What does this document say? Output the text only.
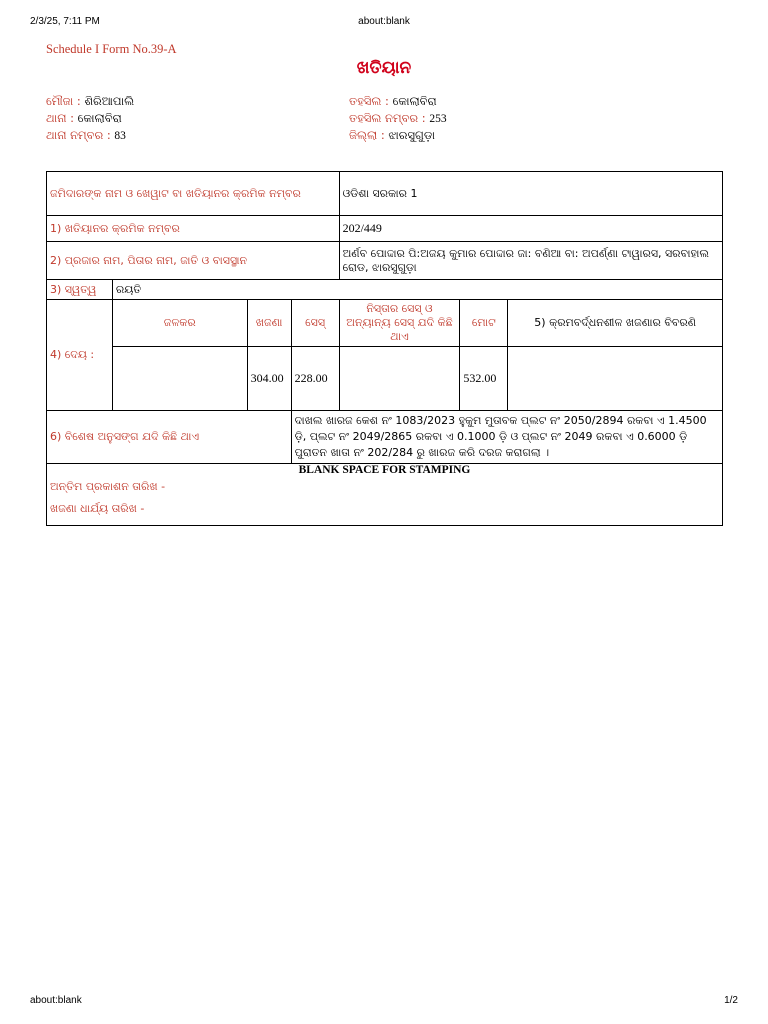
2/3/25, 7:11 PM	about:blank
Schedule I Form No.39-A
ଖତିୟାନ
ମୌଜା : ଶିରିଆପାଲି
ଥାନା : କୋଲାବିରା
ଥାନା ନମ୍ବର : 83
ତହସିଲ : କୋଲାବିରା
ତହସିଲ ନମ୍ବର : 253
ଜିଲ୍ଲା : ଝାରସୁଗୁଡ଼ା
ଜମିଦାରଙ୍କ ନାମ ଓ ଖେୱାଟ ବା ଖତିୟାନର କ୍ରମିକ ନମ୍ବର				ଓଡିଶା ସରକାର 1		
1) ଖତିୟାନର କ୍ରମିକ ନମ୍ବର				202/449		
2) ପ୍ରଜାର ନାମ, ପିତାର ନାମ, ଜାତି ଓ ବାସସ୍ଥାନ				ଅର୍ଣବ ପୋଦ୍ଦାର ପି:ଅଜୟ କୁମାର ପୋଦ୍ଦାର ଜା: ବଣିଆ ବା: ଅପର୍ଣ୍ଣା ଟାୱାରସ, ସରବାହାଲ ରୋଡ, ଝାରସୁଗୁଡ଼ା		
3) ସ୍ୱତ୍ୱ	ରୟତି					
4) ଦେୟ :	ଜଳକର	ଖଜଣା	ସେସ୍	ନିସ୍ତାର ସେସ୍ ଓ ଅନ୍ୟାନ୍ୟ ସେସ୍ ଯଦି କିଛି ଥାଏ	ମୋଟ	5) କ୍ରମବର୍ଦ୍ଧନଶୀଳ ଖଜଣାର ବିବରଣି
		304.00	228.00		532.00	
6) ବିଶେଷ ଅନୁସଙ୍ଗ ଯଦି କିଛି ଥାଏ			ଦାଖଲ ଖାରଜ କେଶ ନଂ 1083/2023 ହୁକୁମ ମୁତାବକ ପ୍ଲଟ ନଂ 2050/2894 ରକବା ଏ 1.4500 ଡ଼ି, ପ୍ଲଟ ନଂ 2049/2865 ରକବା ଏ 0.1000 ଡ଼ି ଓ ପ୍ଲଟ ନଂ 2049 ରକବା ଏ 0.6000 ଡ଼ି ପୁରାତନ ଖାତା ନଂ 202/284 ରୁ ଖାରଜ କରି ଦରଜ କରାଗଲା ।			

BLANK SPACE FOR STAMPING
ଅନ୍ତିମ ପ୍ରକାଶନ ତାରିଖ -
ଖଜଣା ଧାର୍ଯ୍ୟ ତାରିଖ -						
about:blank	1/2
